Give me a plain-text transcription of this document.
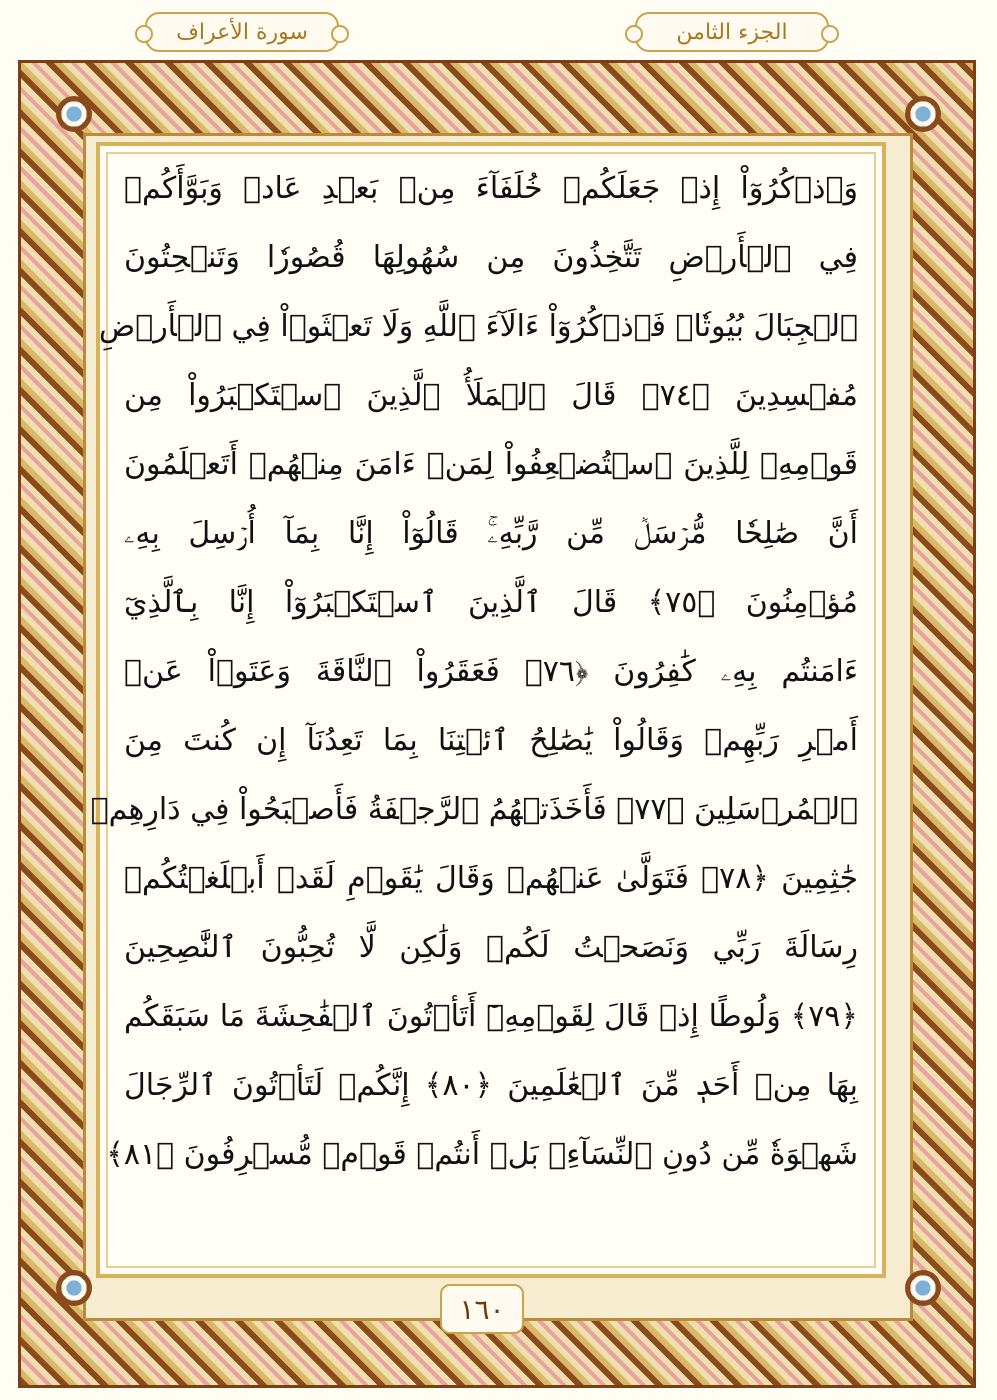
الجزء الثامن
سورة الأعراف
وَٱذۡكُرُوٓاْ إِذۡ جَعَلَكُمۡ خُلَفَآءَ مِنۢ بَعۡدِ عَادٖ وَبَوَّأَكُمۡ
فِي ٱلۡأَرۡضِ تَتَّخِذُونَ مِن سُهُولِهَا قُصُورٗا وَتَنۡحِتُونَ
ٱلۡجِبَالَ بُيُوتٗاۖ فَٱذۡكُرُوٓاْ ءَالَآءَ ٱللَّهِ وَلَا تَعۡثَوۡاْ فِي ٱلۡأَرۡضِ
مُفۡسِدِينَ ﴿٧٤﴾ قَالَ ٱلۡمَلَأُ ٱلَّذِينَ ٱسۡتَكۡبَرُواْ مِن
قَوۡمِهِۦ لِلَّذِينَ ٱسۡتُضۡعِفُواْ لِمَنۡ ءَامَنَ مِنۡهُمۡ أَتَعۡلَمُونَ
أَنَّ صَٰلِحٗا مُّرۡسَلٞ مِّن رَّبِّهِۦۚ قَالُوٓاْ إِنَّا بِمَآ أُرۡسِلَ بِهِۦ
مُؤۡمِنُونَ ﴿٧٥﴾ قَالَ ٱلَّذِينَ ٱسۡتَكۡبَرُوٓاْ إِنَّا بِٱلَّذِيٓ
ءَامَنتُم بِهِۦ كَٰفِرُونَ ﴿٧٦﴾ فَعَقَرُواْ ٱلنَّاقَةَ وَعَتَوۡاْ عَنۡ
أَمۡرِ رَبِّهِمۡ وَقَالُواْ يَٰصَٰلِحُ ٱئۡتِنَا بِمَا تَعِدُنَآ إِن كُنتَ مِنَ
ٱلۡمُرۡسَلِينَ ﴿٧٧﴾ فَأَخَذَتۡهُمُ ٱلرَّجۡفَةُ فَأَصۡبَحُواْ فِي دَارِهِمۡ
جَٰثِمِينَ ﴿٧٨﴾ فَتَوَلَّىٰ عَنۡهُمۡ وَقَالَ يَٰقَوۡمِ لَقَدۡ أَبۡلَغۡتُكُمۡ
رِسَالَةَ رَبِّي وَنَصَحۡتُ لَكُمۡ وَلَٰكِن لَّا تُحِبُّونَ ٱلنَّٰصِحِينَ
﴿٧٩﴾ وَلُوطًا إِذۡ قَالَ لِقَوۡمِهِۦٓ أَتَأۡتُونَ ٱلۡفَٰحِشَةَ مَا سَبَقَكُم
بِهَا مِنۡ أَحَدٖ مِّنَ ٱلۡعَٰلَمِينَ ﴿٨٠﴾ إِنَّكُمۡ لَتَأۡتُونَ ٱلرِّجَالَ
شَهۡوَةٗ مِّن دُونِ ٱلنِّسَآءِۚ بَلۡ أَنتُمۡ قَوۡمٞ مُّسۡرِفُونَ ﴿٨١﴾
١٦٠
